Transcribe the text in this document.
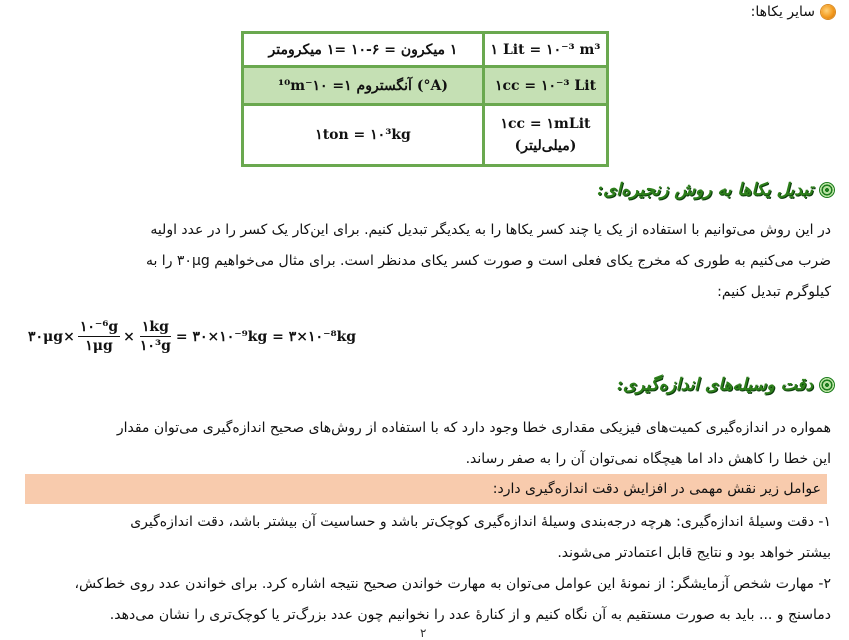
سایر یکاها:
۱ میکرون = ۶-۱۰ =۱ میکرومتر	۱ Lit = ۱۰⁻³ m³
(A°) آنگستروم ۱= ۱۰⁻¹⁰m	۱cc = ۱۰⁻³ Lit
۱ton = ۱۰³kg	۱cc = ۱mLit
(میلی‌لیتر)
تبدیل یکاها به روش زنجیره‌ای:

در این روش می‌توانیم با استفاده از یک یا چند کسر یکاها را به یکدیگر تبدیل کنیم. برای این‌کار یک کسر را در عدد اولیه

ضرب می‌کنیم به طوری که مخرج یکای فعلی است و صورت کسر یکای مدنظر است. برای مثال می‌خواهیم ۳۰μg را به

کیلوگرم تبدیل کنیم:

۳۰μg× $\frac{\text{۱۰⁻⁶g}}{۱\mu g} \times \frac{۱kg}{\text{۱۰³g}}$ = ۳۰×۱۰⁻⁹kg = ۳×۱۰⁻⁸kg
دقت وسیله‌های اندازه‌گیری:

همواره در اندازه‌گیری کمیت‌های فیزیکی مقداری خطا وجود دارد که با استفاده از روش‌های صحیح اندازه‌گیری می‌توان مقدار

این خطا را کاهش داد اما هیچگاه نمی‌توان آن را به صفر رساند.

عوامل زیر نقش مهمی در افزایش دقت اندازه‌گیری دارد:

۱- دقت وسیلهٔ اندازه‌گیری: هرچه درجه‌بندی وسیلهٔ اندازه‌گیری کوچک‌تر باشد و حساسیت آن بیشتر باشد، دقت اندازه‌گیری

بیشتر خواهد بود و نتایج قابل اعتمادتر می‌شوند.

۲- مهارت شخص آزمایشگر: از نمونهٔ این عوامل می‌توان به مهارت خواندن صحیح نتیجه اشاره کرد. برای خواندن عدد روی خط‌کش،

دماسنج و ... باید به صورت مستقیم به آن نگاه کنیم و از کنارهٔ عدد را نخوانیم چون عدد بزرگ‌تر یا کوچک‌تری را نشان می‌دهد.

۲
